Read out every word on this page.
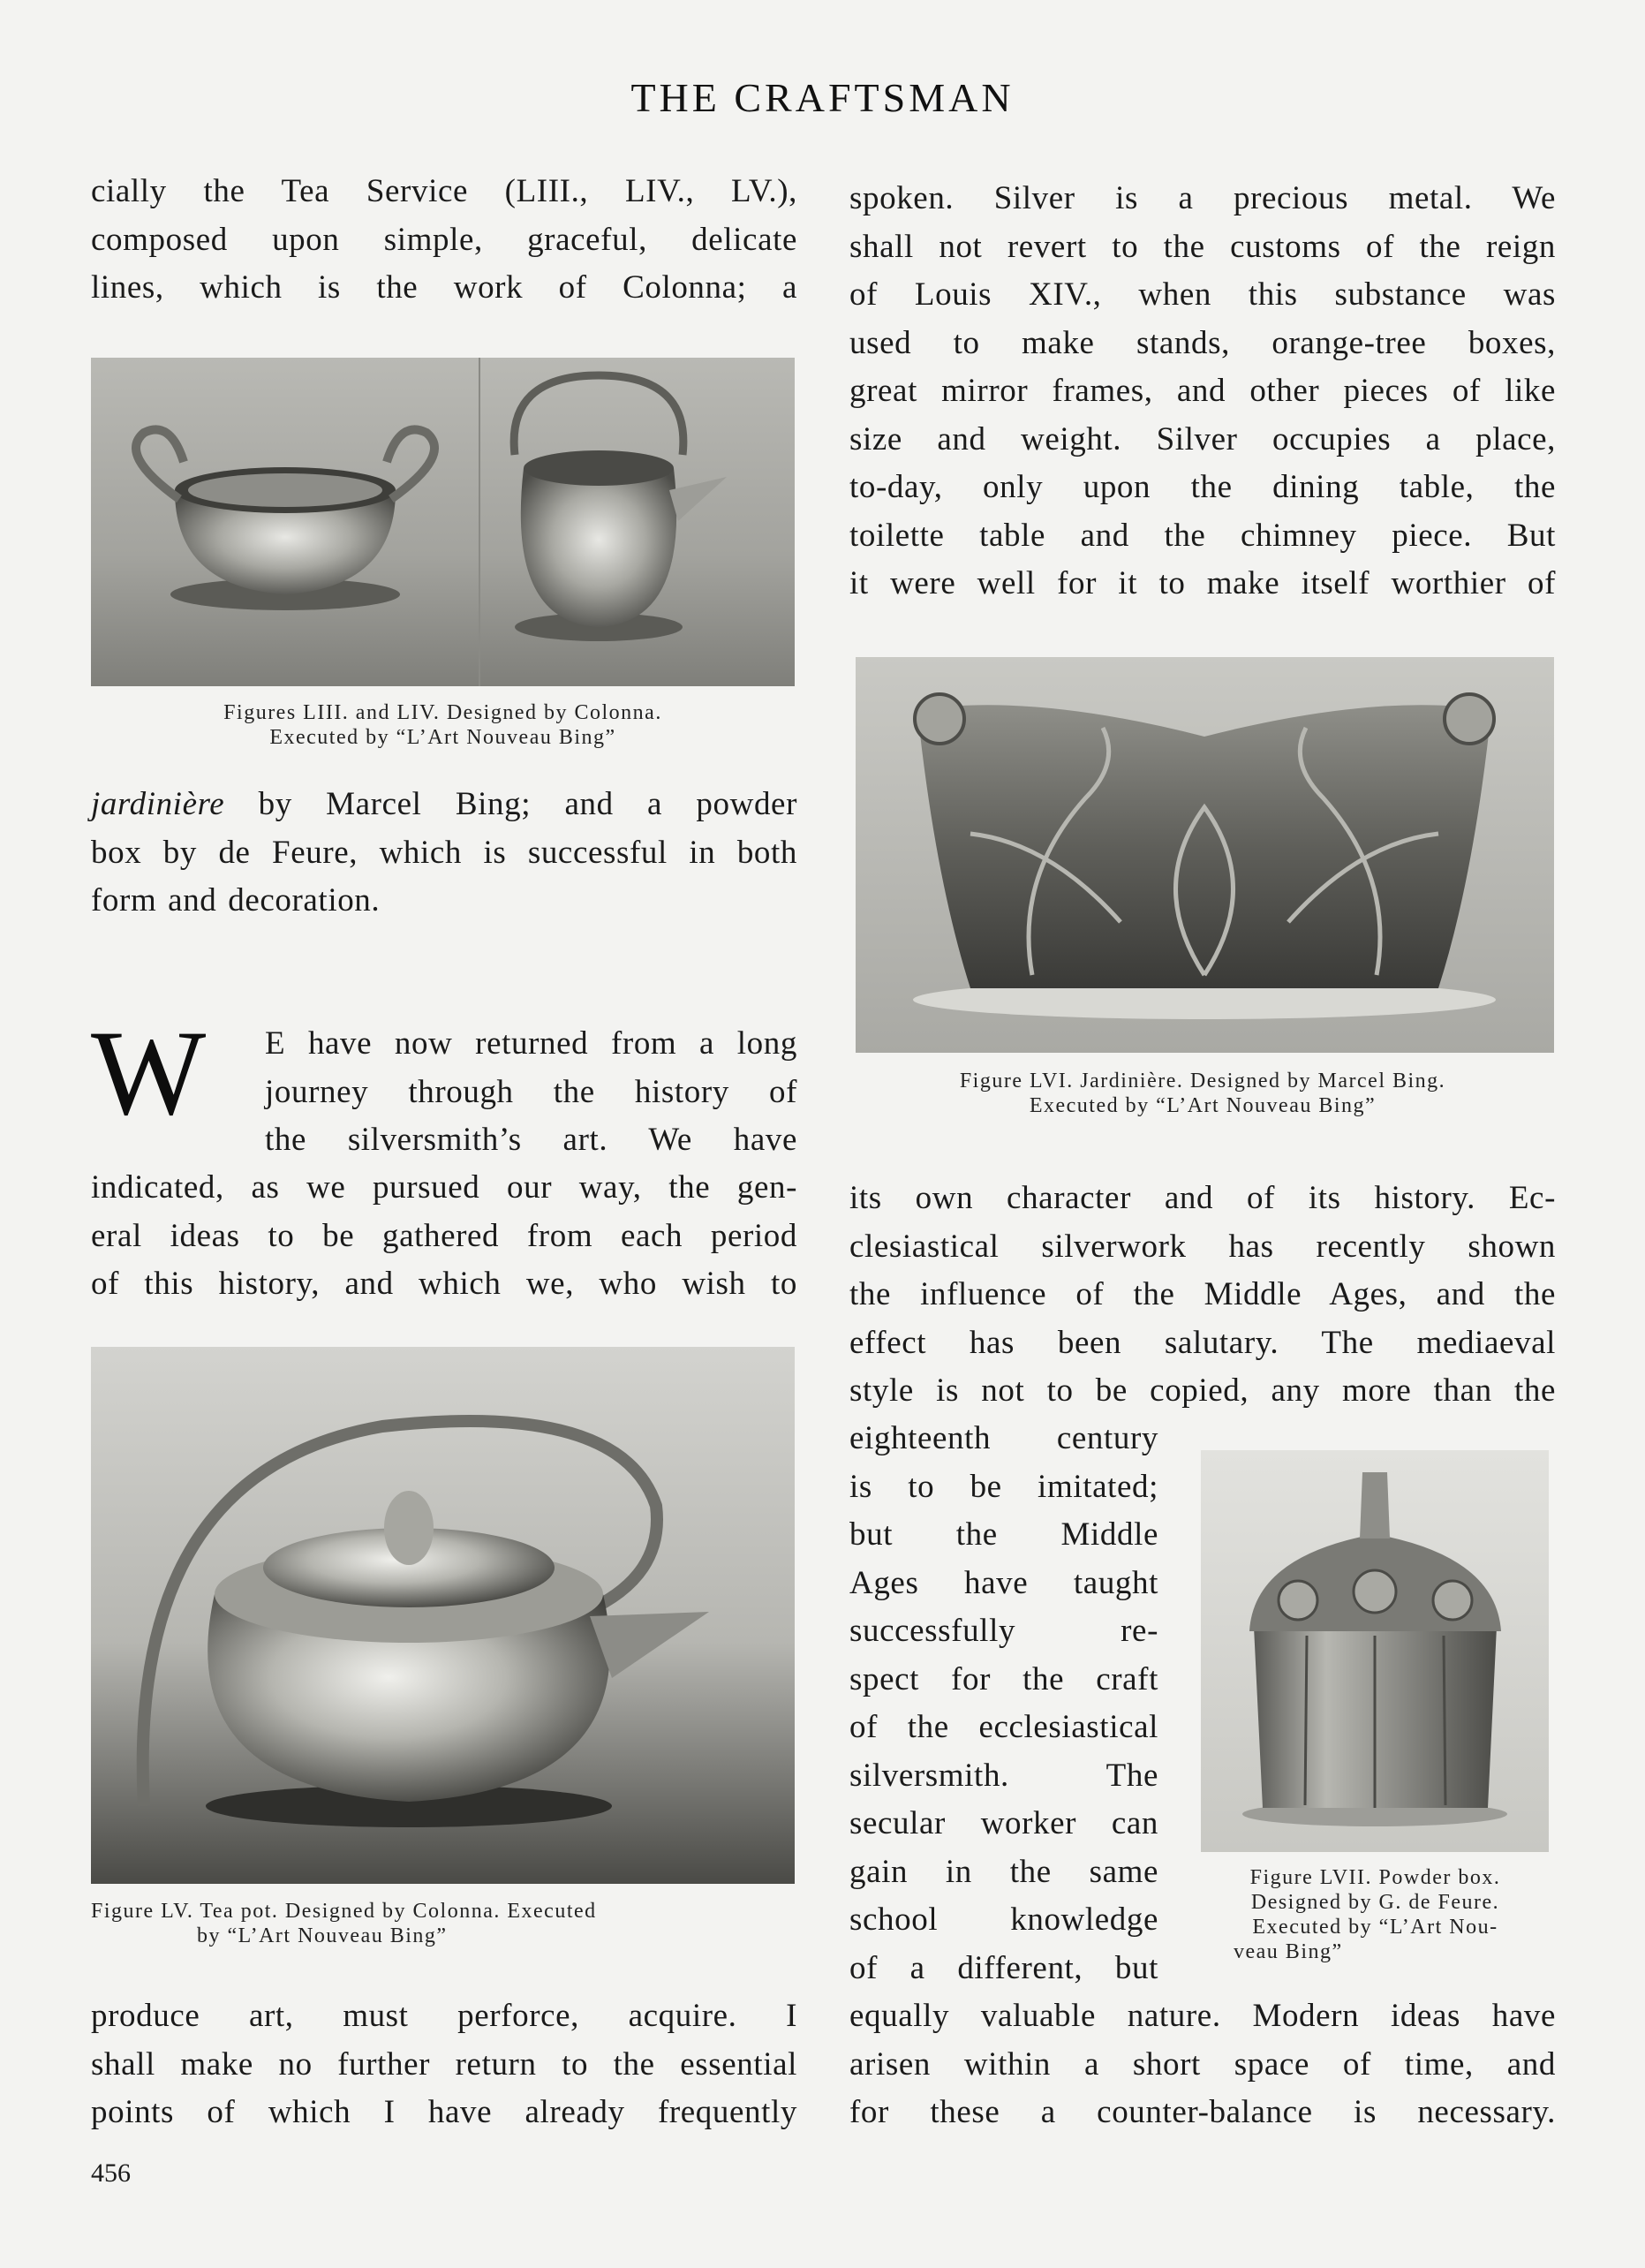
THE CRAFTSMAN
cially the Tea Service (LIII., LIV., LV.),
composed upon simple, graceful, delicate
lines, which is the work of Colonna; a
Figures LIII. and LIV. Designed by Colonna.
Executed by “L’Art Nouveau Bing”
jardinière by Marcel Bing; and a powder
box by de Feure, which is successful in both
form and decoration.
W E have now returned from a long
journey through the history of
the silversmith’s art. We have
indicated, as we pursued our way, the gen-
eral ideas to be gathered from each period
of this history, and which we, who wish to
Figure LV. Tea pot. Designed by Colonna. Executed
by “L’Art Nouveau Bing”
produce art, must perforce, acquire. I
shall make no further return to the essential
points of which I have already frequently
456
spoken. Silver is a precious metal. We
shall not revert to the customs of the reign
of Louis XIV., when this substance was
used to make stands, orange-tree boxes,
great mirror frames, and other pieces of like
size and weight. Silver occupies a place,
to-day, only upon the dining table, the
toilette table and the chimney piece. But
it were well for it to make itself worthier of
Figure LVI. Jardinière. Designed by Marcel Bing.
Executed by “L’Art Nouveau Bing”
its own character and of its history. Ec-
clesiastical silverwork has recently shown
the influence of the Middle Ages, and the
effect has been salutary. The mediaeval
style is not to be copied, any more than the
eighteenth century
is to be imitated;
but the Middle
Ages have taught
successfully re-
spect for the craft
of the ecclesiastical
silversmith. The
secular worker can
gain in the same
school knowledge
of a different, but
Figure LVII. Powder box.
Designed by G. de Feure.
Executed by “L’Art Nou-
veau Bing”
equally valuable nature. Modern ideas have
arisen within a short space of time, and
for these a counter-balance is necessary.
